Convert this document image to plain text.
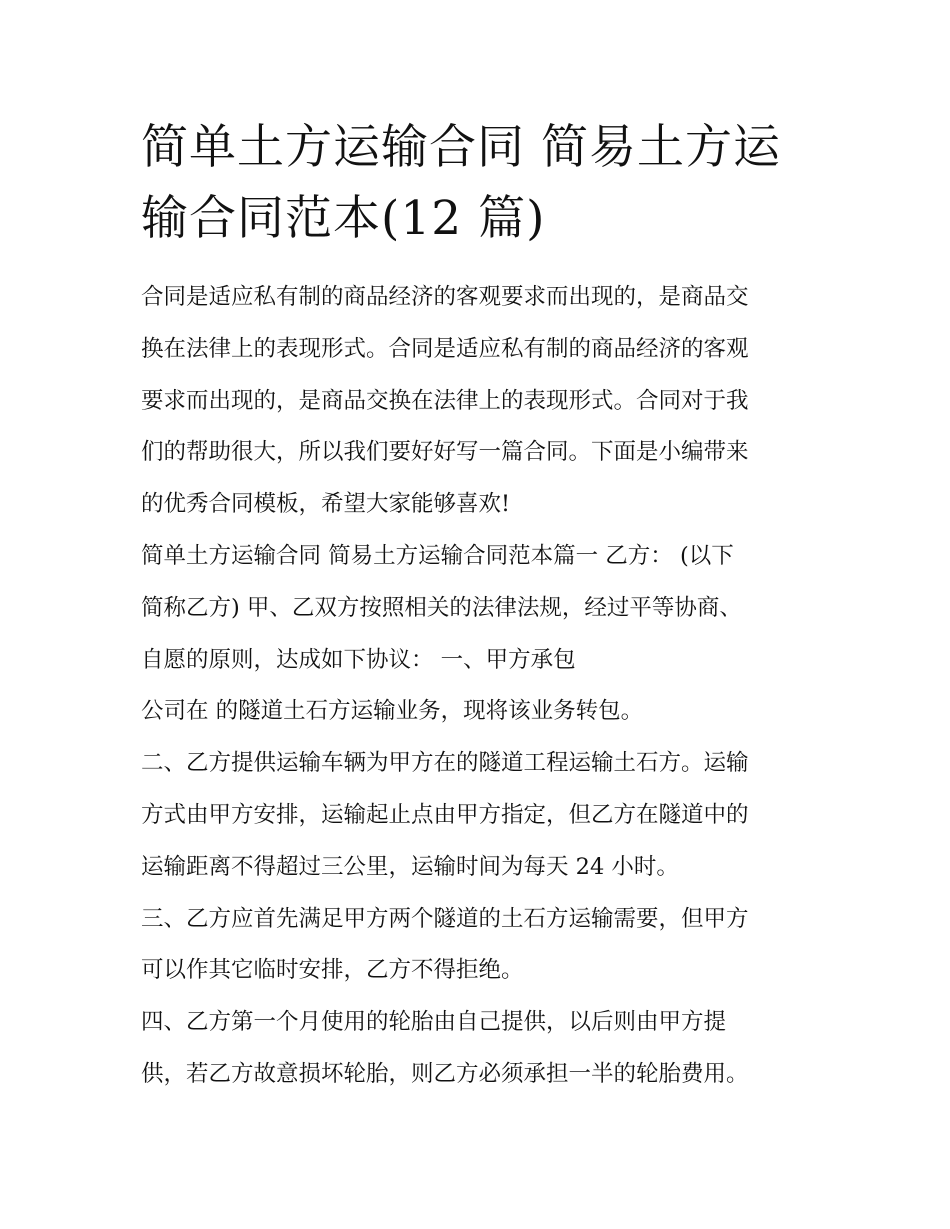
简单土方运输合同 简易土方运
输合同范本(12 篇)
合同是适应私有制的商品经济的客观要求而出现的，是商品交
换在法律上的表现形式。合同是适应私有制的商品经济的客观
要求而出现的，是商品交换在法律上的表现形式。合同对于我
们的帮助很大，所以我们要好好写一篇合同。下面是小编带来
的优秀合同模板，希望大家能够喜欢!
简单土方运输合同 简易土方运输合同范本篇一 乙方： (以下
简称乙方) 甲、乙双方按照相关的法律法规，经过平等协商、
自愿的原则，达成如下协议： 一、甲方承包
公司在 的隧道土石方运输业务，现将该业务转包。
二、乙方提供运输车辆为甲方在的隧道工程运输土石方。运输
方式由甲方安排，运输起止点由甲方指定，但乙方在隧道中的
运输距离不得超过三公里，运输时间为每天 24 小时。
三、乙方应首先满足甲方两个隧道的土石方运输需要，但甲方
可以作其它临时安排，乙方不得拒绝。
四、乙方第一个月使用的轮胎由自己提供，以后则由甲方提
供，若乙方故意损坏轮胎，则乙方必须承担一半的轮胎费用。
